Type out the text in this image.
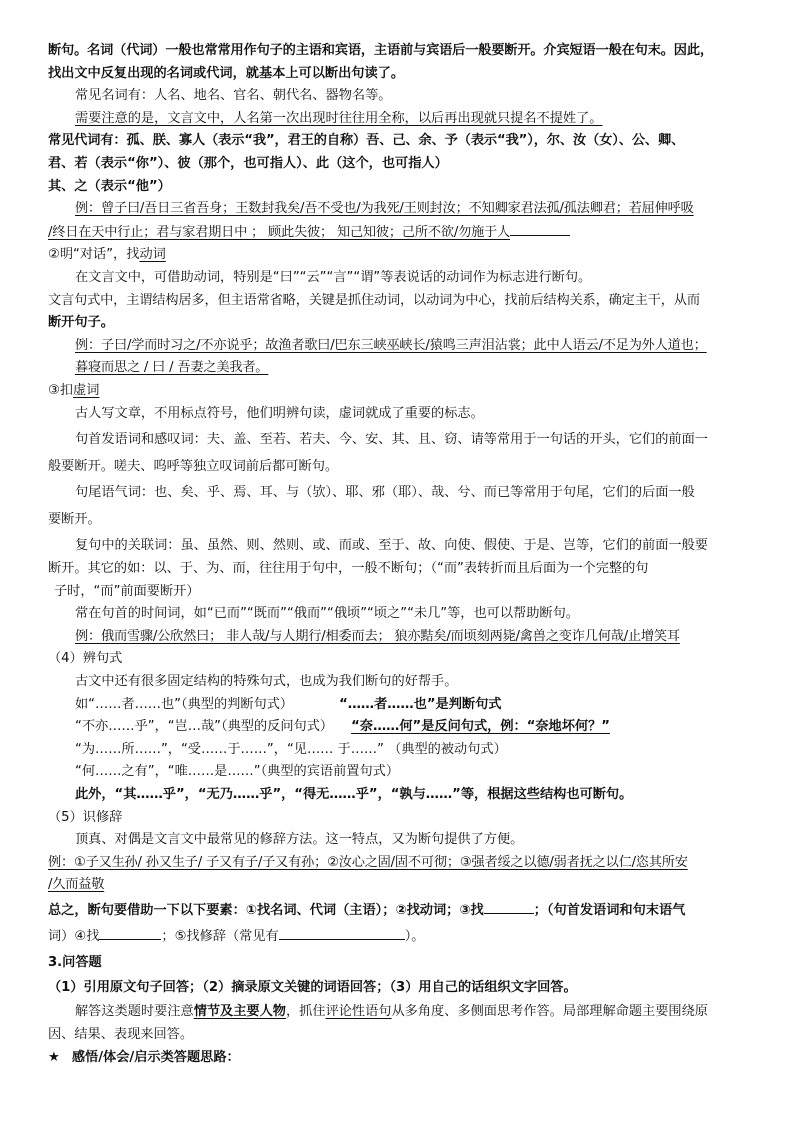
断句。名词（代词）一般也常常用作句子的主语和宾语，主语前与宾语后一般要断开。介宾短语一般在句末。因此，

找出文中反复出现的名词或代词，就基本上可以断出句读了。

常见名词有：人名、地名、官名、朝代名、器物名等。

需要注意的是，文言文中，人名第一次出现时往往用全称，以后再出现就只提名不提姓了。

常见代词有：孤、朕、寡人（表示“我”，君王的自称）吾、己、余、予（表示“我”），尔、汝（女）、公、卿、

君、若（表示“你”）、彼（那个，也可指人）、此（这个，也可指人）

其、之（表示“他”）

例：曾子曰/吾日三省吾身；王数封我矣/吾不受也/为我死/王则封汝；不知卿家君法孤/孤法卿君；若屈伸呼吸

/终日在天中行止；君与家君期日中 ； 顾此失彼； 知己知彼；己所不欲/勿施于人

②明“对话”，找动词

在文言文中，可借助动词，特别是“曰”“云”“言”“谓”等表说话的动词作为标志进行断句。

文言句式中，主谓结构居多，但主语常省略，关键是抓住动词，以动词为中心，找前后结构关系，确定主干，从而

断开句子。

例：子曰/学而时习之/不亦说乎；故渔者歌曰/巴东三峡巫峡长/猿鸣三声泪沾裳；此中人语云/不足为外人道也；

暮寝而思之 / 曰 / 吾妻之美我者。

③扣虚词

古人写文章，不用标点符号，他们明辨句读，虚词就成了重要的标志。

句首发语词和感叹词：夫、盖、至若、若夫、今、安、其、且、窃、请等常用于一句话的开头，它们的前面一

般要断开。嗟夫、呜呼等独立叹词前后都可断句。

句尾语气词：也、矣、乎、焉、耳、与（欤）、耶、邪（耶）、哉、兮、而已等常用于句尾，它们的后面一般

要断开。

复句中的关联词：虽、虽然、则、然则、或、而或、至于、故、向使、假使、于是、岂等，它们的前面一般要

断开。其它的如：以、于、为、而，往往用于句中，一般不断句；（“而”表转折而且后面为一个完整的句

子时，“而”前面要断开）

常在句首的时间词，如“已而”“既而”“俄而”“俄顷”“顷之”“未几”等，也可以帮助断句。

例：俄而雪骤/公欣然曰； 非人哉/与人期行/相委而去； 狼亦黠矣/而顷刻两毙/禽兽之变诈几何哉/止增笑耳

（4）辨句式

古文中还有很多固定结构的特殊句式，也成为我们断句的好帮手。

如“……者……也”（典型的判断句式）	“……者……也”是判断句式

“不亦……乎”，“岂…哉”（典型的反问句式） “奈……何”是反问句式，例：“奈地坏何？”

“为……所……”，“受……于……”，“见…… 于……” （典型的被动句式）

“何……之有”，“唯……是……”（典型的宾语前置句式）

此外，“其……乎”，“无乃……乎”，“得无……乎”，“孰与……”等，根据这些结构也可断句。

（5）识修辞

顶真、对偶是文言文中最常见的修辞方法。这一特点，又为断句提供了方便。

例：①子又生孙/ 孙又生子/ 子又有子/子又有孙；②汝心之固/固不可彻；③强者绥之以德/弱者抚之以仁/恣其所安

/久而益敬

总之，断句要借助一下以下要素：①找名词、代词（主语）；②找动词；③找	；（句首发语词和句末语气

词）④找	；⑤找修辞（常见有	）。

3.问答题

（1）引用原文句子回答；（2）摘录原文关键的词语回答；（3）用自己的话组织文字回答。

解答这类题时要注意情节及主要人物，抓住评论性语句从多角度、多侧面思考作答。局部理解命题主要围绕原

因、结果、表现来回答。

★ 感悟/体会/启示类答题思路：
